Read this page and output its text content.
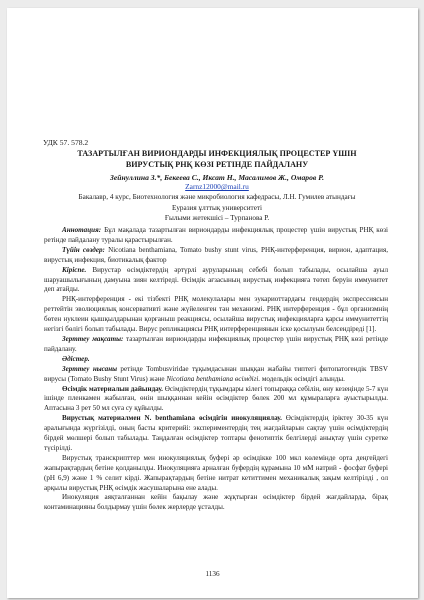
УДК 57. 578.2
ТАЗАРТЫЛҒАН ВИРИОНДАРДЫ ИНФЕКЦИЯЛЫҚ ПРОЦЕСТЕР ҮШІН
ВИРУСТЫҚ РНҚ КӨЗІ РЕТІНДЕ ПАЙДАЛАНУ
Зейнуллина З.*, Бекеева С., Иксат Н., Масалимов Ж., Омаров Р.
Zarnz12000@mail.ru
Бакалавр, 4 курс, Биотехнология және микробиология кафедрасы, Л.Н. Гумилев атындағы
Еуразия ұлттық университеті
Ғылыми жетекшісі – Турпанова Р.

Аннотация: Бұл мақалада тазартылған вириондарды инфекциялық процестер үшін вирустық РНҚ көзі ретінде пайдалану туралы қарастырылған.

Түйін сөздер: Nicotiana benthamiana, Tomato bushy stunt virus, РНҚ-интерференция, вирион, адаптация, вирустық инфекция, биотикалық фактор

Кіріспе. Вирустар өсімдіктердің әртүрлі ауруларының себебі болып табылады, осылайша ауыл шаруашылығының дамуына зиян келтіреді. Өсімдік ағзасының вирустық инфекцияға төтеп беруін иммунитет деп атайды.

РНҚ-интерференция - екі тізбекті РНҚ молекулалары мен эукариоттардағы гендердің экспрессиясын реттейтін эволюциялық консервативті және жүйеленген тән механизмі. РНҚ интерференция - бұл организмнің бөтен нуклеин қышқылдарынан қорғаныш реакциясы, осылайша вирустық инфекцияларға қарсы иммунитеттің негізгі бөлігі болып табылады. Вирус репликациясы РНҚ интерференциянын іске қосылуын белсендіреді [1].

Зерттеу мақсаты: тазартылған вириондарды инфекциялық процестер үшін вирустық РНҚ көзі ретінде пайдалану.

Әдістер.

Зерттеу нысаны ретінде Tombusviridae тұқымдасынан шыққан жабайы типтегі фитопатогендік TBSV вирусы (Tomato Bushy Stunt Virus) және Nicotiana benthamiana өсімдігі. модельдік өсімдігі алынды.

Өсімдік материалын дайындау. Өсімдіктердің тұқымдары кілегі топыраққа себілін, өну кезеңінде 5-7 күн ішінде пленкамен жабылған, өнін шыққаннан кейін өсімдіктер бөлек 200 мл құмыраларға ауыстырылды. Аптасына 3 рет 50 мл суға су құйылды.

Вирустық материалмен N. benthamiana өсімдігін инокуляциялау. Өсімдіктердің іріктеу 30-35 күн аралығында жүргізілді, оның басты критерийі: экспериментердің тең жағдайларын сақтау үшін өсімдіктердің бірдей мөлшері болып табылады. Таңдалған өсімдіктер топтары фенотиптік белгілерді анықтау үшін суретке түсірілді.

Вирустық транскрипттер мен инокуляциялық буфері әр өсімдікке 100 мкл көлемінде орта деңгейдегі жапырақтардың бетіне қолданылды. Инокуляцияға арналған буфердің құрамына 10 мМ натрий - фосфат буфері (pH 6,9) және 1 % селит кірді. Жапырақтардың бетіне нитрат кетиттимен механикалық зақым келтірілді , ол арқылы вирустық РНҚ өсімдік жасушаларына ене алады.

Инокуляция аяқталғаннан кейін бақылау және жұқтырған өсімдіктер бірдей жағдайларда, бірақ контаминацияны болдырмау үшін бөлек жерлерде ұсталды.

1136
